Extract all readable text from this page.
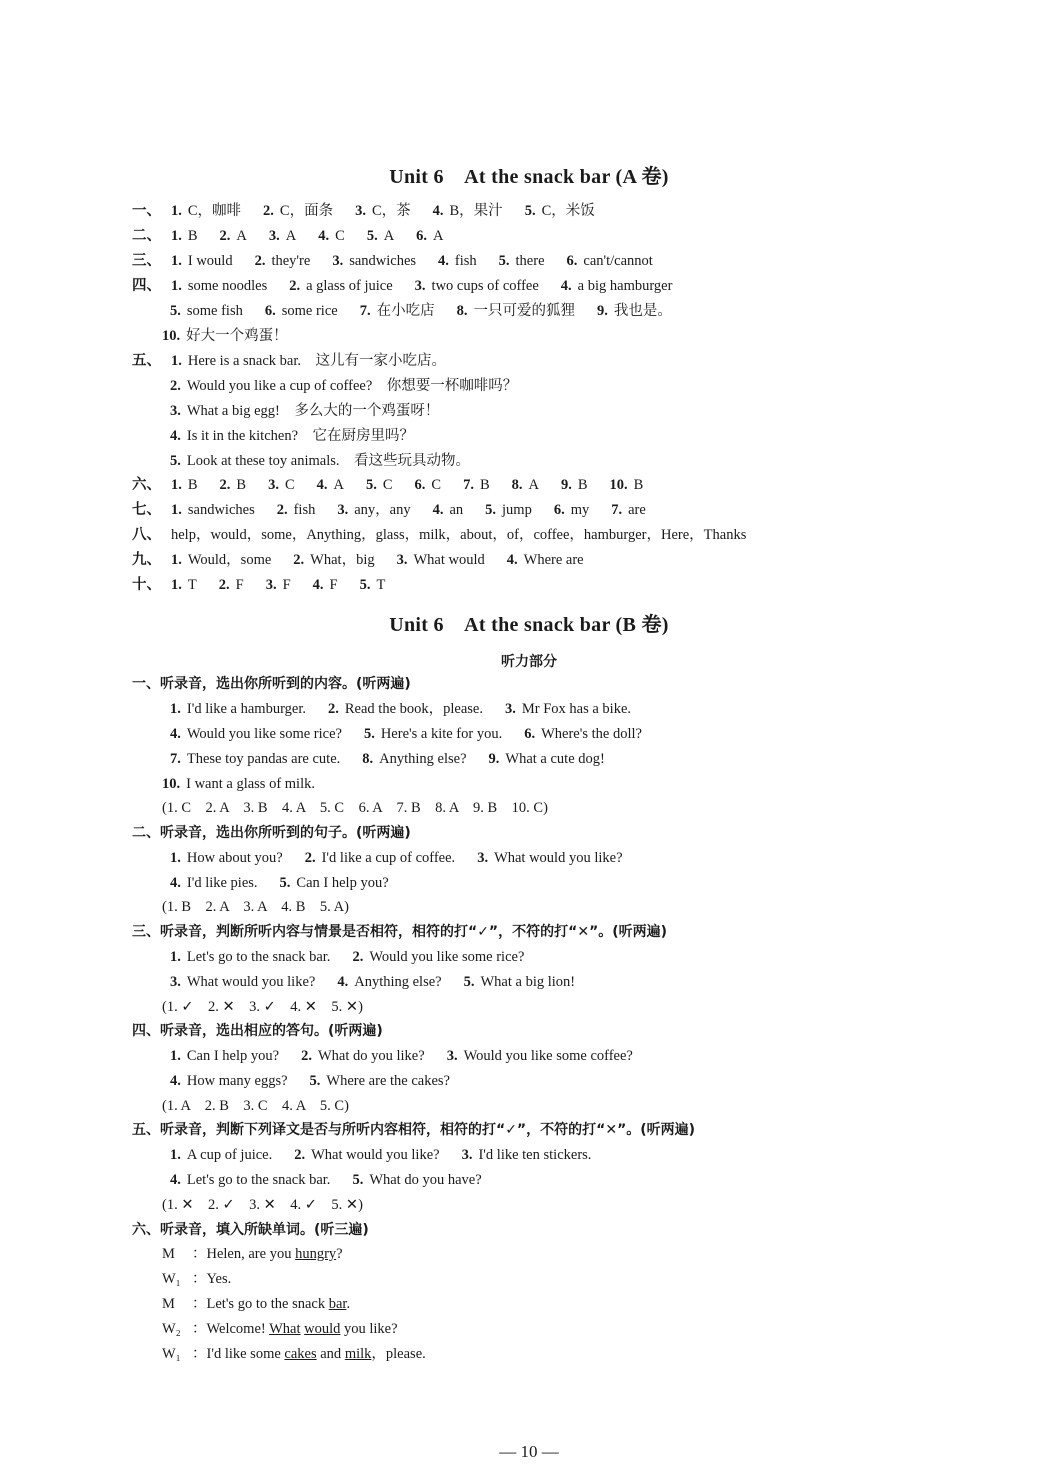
Unit 6　At the snack bar (A 卷)
一、 1. C，咖啡 2. C，面条 3. C，茶 4. B，果汁 5. C，米饭
二、 1. B 2. A 3. A 4. C 5. A 6. A
三、 1. I would 2. they're 3. sandwiches 4. fish 5. there 6. can't/cannot
四、 1. some noodles 2. a glass of juice 3. two cups of coffee 4. a big hamburger
5. some fish 6. some rice 7. 在小吃店 8. 一只可爱的狐狸 9. 我也是。
10. 好大一个鸡蛋！
五、 1. Here is a snack bar.　这儿有一家小吃店。
2. Would you like a cup of coffee?　你想要一杯咖啡吗？
3. What a big egg!　多么大的一个鸡蛋呀！
4. Is it in the kitchen?　它在厨房里吗？
5. Look at these toy animals.　看这些玩具动物。
六、 1. B 2. B 3. C 4. A 5. C 6. C 7. B 8. A 9. B 10. B
七、 1. sandwiches 2. fish 3. any，any 4. an 5. jump 6. my 7. are
八、 help，would，some，Anything，glass，milk，about，of，coffee，hamburger，Here，Thanks
九、 1. Would，some 2. What，big 3. What would 4. Where are
十、 1. T 2. F 3. F 4. F 5. T
Unit 6　At the snack bar (B 卷)
听力部分
一、听录音，选出你所听到的内容。(听两遍)
1. I'd like a hamburger. 2. Read the book，please. 3. Mr Fox has a bike.
4. Would you like some rice? 5. Here's a kite for you. 6. Where's the doll?
7. These toy pandas are cute. 8. Anything else? 9. What a cute dog!
10. I want a glass of milk.
(1. C　2. A　3. B　4. A　5. C　6. A　7. B　8. A　9. B　10. C)
二、听录音，选出你所听到的句子。(听两遍)
1. How about you? 2. I'd like a cup of coffee. 3. What would you like?
4. I'd like pies. 5. Can I help you?
(1. B　2. A　3. A　4. B　5. A)
三、听录音，判断所听内容与情景是否相符，相符的打“✓”，不符的打“✕”。(听两遍)
1. Let's go to the snack bar. 2. Would you like some rice?
3. What would you like? 4. Anything else? 5. What a big lion!
(1. ✓　2. ✕　3. ✓　4. ✕　5. ✕)
四、听录音，选出相应的答句。(听两遍)
1. Can I help you? 2. What do you like? 3. Would you like some coffee?
4. How many eggs? 5. Where are the cakes?
(1. A　2. B　3. C　4. A　5. C)
五、听录音，判断下列译文是否与所听内容相符，相符的打“✓”，不符的打“✕”。(听两遍)
1. A cup of juice. 2. What would you like? 3. I'd like ten stickers.
4. Let's go to the snack bar. 5. What do you have?
(1. ✕　2. ✓　3. ✕　4. ✓　5. ✕)
六、听录音，填入所缺单词。(听三遍)
M ：Helen, are you hungry?
W₁ ：Yes.
M ：Let's go to the snack bar.
W₂ ：Welcome! What would you like?
W₁ ：I'd like some cakes and milk，please.
— 10 —
